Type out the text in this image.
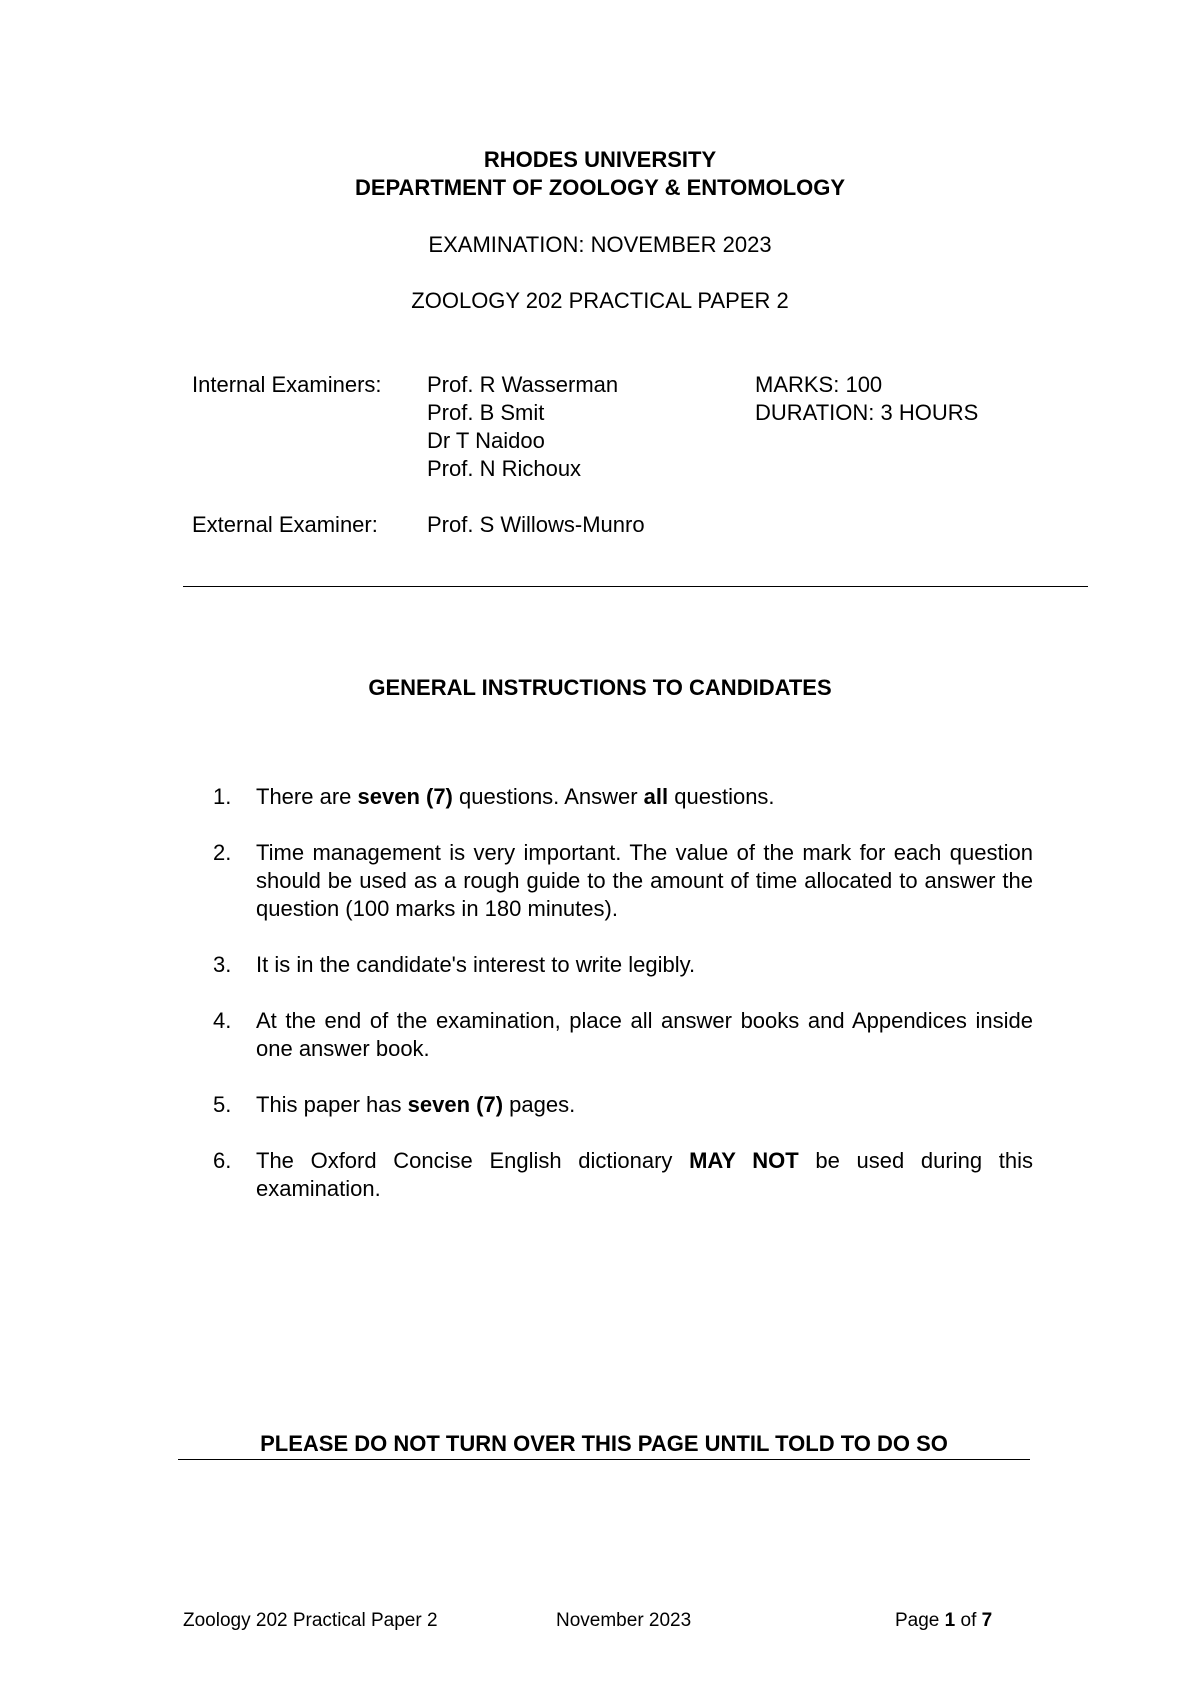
RHODES UNIVERSITY
DEPARTMENT OF ZOOLOGY & ENTOMOLOGY
EXAMINATION: NOVEMBER 2023
ZOOLOGY 202 PRACTICAL PAPER 2
Internal Examiners: Prof. R Wasserman
Prof. B Smit
Dr T Naidoo
Prof. N Richoux
MARKS: 100
DURATION: 3 HOURS
External Examiner: Prof. S Willows-Munro
GENERAL INSTRUCTIONS TO CANDIDATES
1. There are seven (7) questions. Answer all questions.
2. Time management is very important. The value of the mark for each question should be used as a rough guide to the amount of time allocated to answer the question (100 marks in 180 minutes).
3. It is in the candidate's interest to write legibly.
4. At the end of the examination, place all answer books and Appendices inside one answer book.
5. This paper has seven (7) pages.
6. The Oxford Concise English dictionary MAY NOT be used during this examination.
PLEASE DO NOT TURN OVER THIS PAGE UNTIL TOLD TO DO SO
Zoology 202 Practical Paper 2	November 2023	Page 1 of 7
